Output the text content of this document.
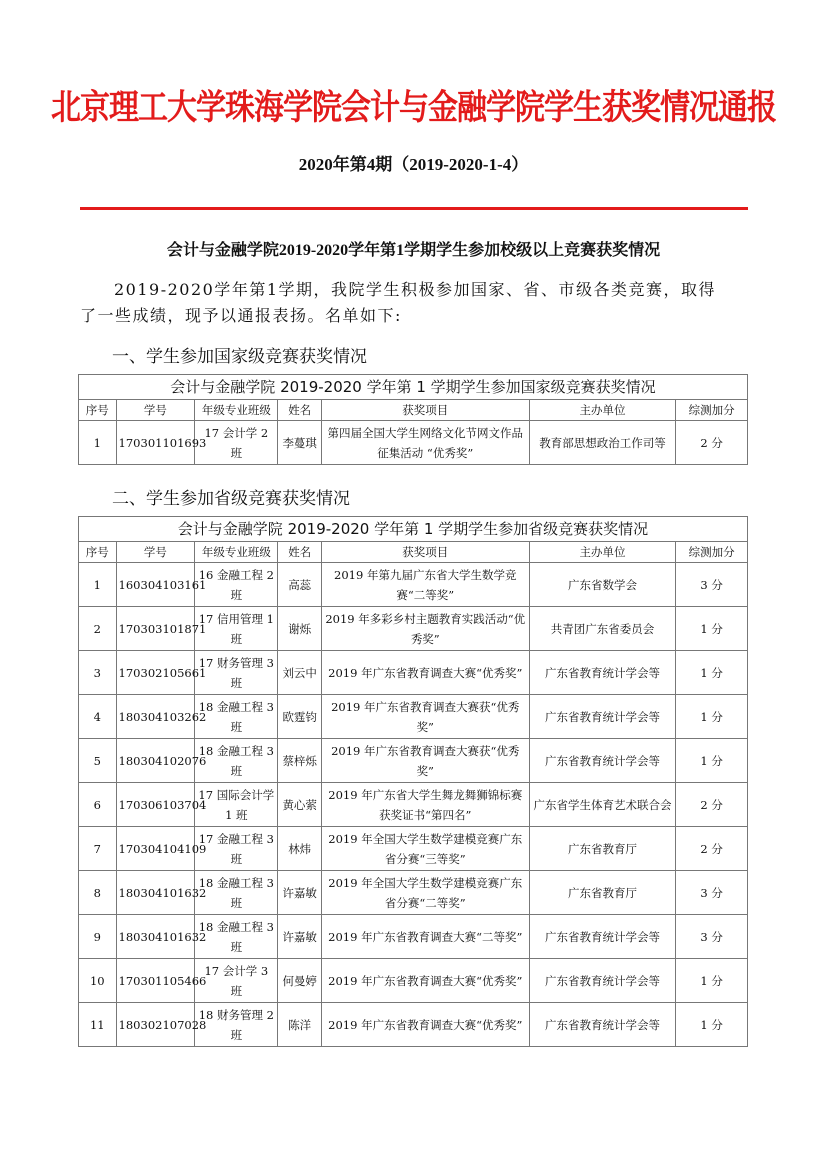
北京理工大学珠海学院会计与金融学院学生获奖情况通报
2020年第4期（2019-2020-1-4）
会计与金融学院2019-2020学年第1学期学生参加校级以上竞赛获奖情况
2019-2020学年第1学期，我院学生积极参加国家、省、市级各类竞赛，取得
了一些成绩，现予以通报表扬。名单如下:
一、学生参加国家级竞赛获奖情况
会计与金融学院 2019-2020 学年第 1 学期学生参加国家级竞赛获奖情况						
序号	学号	年级专业班级	姓名	获奖项目	主办单位	综测加分
1	170301101693	17 会计学 2 班	李蔓琪	第四届全国大学生网络文化节网文作品征集活动 “优秀奖”	教育部思想政治工作司等	2 分
二、学生参加省级竞赛获奖情况
会计与金融学院 2019-2020 学年第 1 学期学生参加省级竞赛获奖情况						
序号	学号	年级专业班级	姓名	获奖项目	主办单位	综测加分
1	160304103161	16 金融工程 2 班	高蕊	2019 年第九届广东省大学生数学竞赛“二等奖”	广东省数学会	3 分
2	170303101871	17 信用管理 1 班	谢烁	2019 年多彩乡村主题教育实践活动“优秀奖”	共青团广东省委员会	1 分
3	170302105661	17 财务管理 3 班	刘云中	2019 年广东省教育调查大赛“优秀奖”	广东省教育统计学会等	1 分
4	180304103262	18 金融工程 3 班	欧霆钧	2019 年广东省教育调查大赛获“优秀奖”	广东省教育统计学会等	1 分
5	180304102076	18 金融工程 3 班	蔡梓烁	2019 年广东省教育调查大赛获“优秀奖”	广东省教育统计学会等	1 分
6	170306103704	17 国际会计学 1 班	黄心萦	2019 年广东省大学生舞龙舞狮锦标赛获奖证书“第四名”	广东省学生体育艺术联合会	2 分
7	170304104109	17 金融工程 3 班	林炜	2019 年全国大学生数学建模竞赛广东省分赛“三等奖”	广东省教育厅	2 分
8	180304101632	18 金融工程 3 班	许嘉敏	2019 年全国大学生数学建模竞赛广东省分赛“二等奖”	广东省教育厅	3 分
9	180304101632	18 金融工程 3 班	许嘉敏	2019 年广东省教育调查大赛“二等奖”	广东省教育统计学会等	3 分
10	170301105466	17 会计学 3 班	何曼婷	2019 年广东省教育调查大赛“优秀奖”	广东省教育统计学会等	1 分
11	180302107028	18 财务管理 2 班	陈洋	2019 年广东省教育调查大赛“优秀奖”	广东省教育统计学会等	1 分
